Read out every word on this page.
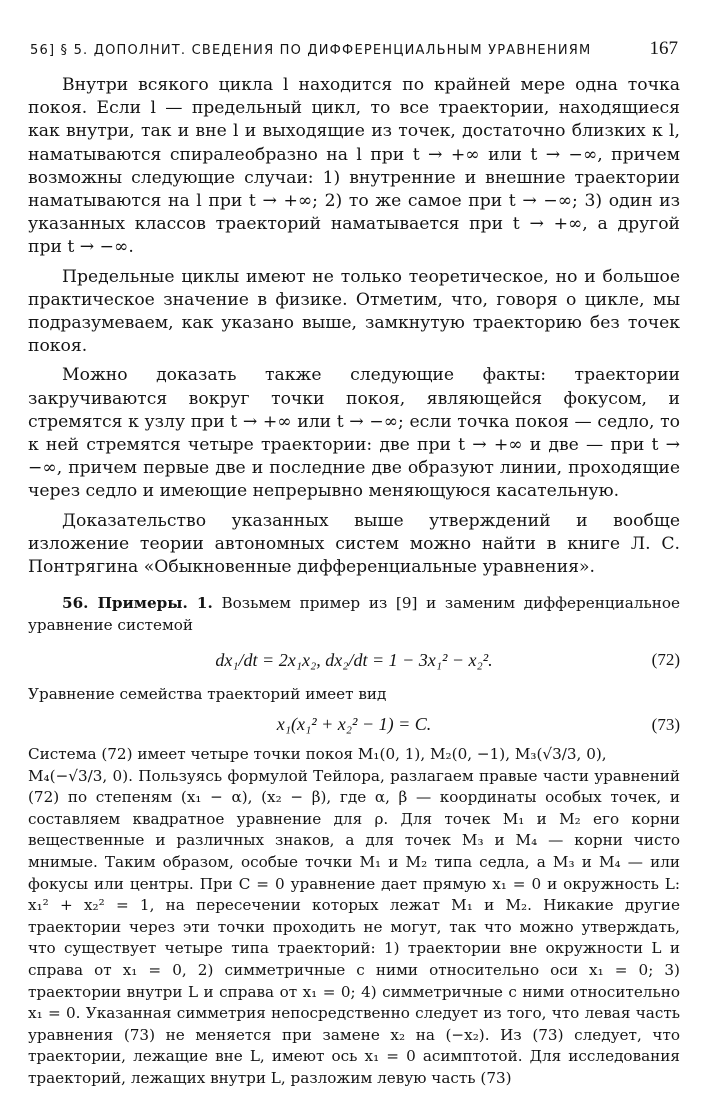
56] § 5. ДОПОЛНИТ. СВЕДЕНИЯ ПО ДИФФЕРЕНЦИАЛЬНЫМ УРАВНЕНИЯМ	167

Внутри всякого цикла l находится по крайней мере одна точка покоя. Если l — предельный цикл, то все траектории, находящиеся как внутри, так и вне l и выходящие из точек, достаточно близких к l, наматываются спиралеобразно на l при t → +∞ или t → −∞, причем возможны следующие случаи: 1) внутренние и внешние траектории наматываются на l при t → +∞; 2) то же самое при t → −∞; 3) один из указанных классов траекторий наматывается при t → +∞, а другой при t → −∞.

Предельные циклы имеют не только теоретическое, но и большое практическое значение в физике. Отметим, что, говоря о цикле, мы подразумеваем, как указано выше, замкнутую траекторию без точек покоя.

Можно доказать также следующие факты: траектории закручиваются вокруг точки покоя, являющейся фокусом, и стремятся к узлу при t → +∞ или t → −∞; если точка покоя — седло, то к ней стремятся четыре траектории: две при t → +∞ и две — при t → −∞, причем первые две и последние две образуют линии, проходящие через седло и имеющие непрерывно меняющуюся касательную.

Доказательство указанных выше утверждений и вообще изложение теории автономных систем можно найти в книге Л. С. Понтрягина «Обыкновенные дифференциальные уравнения».

56. Примеры. 1. Возьмем пример из [9] и заменим дифференциальное уравнение системой

dx₁/dt = 2x₁x₂, dx₂/dt = 1 − 3x₁² − x₂².	(72)

Уравнение семейства траекторий имеет вид

x₁(x₁² + x₂² − 1) = C.	(73)

Система (72) имеет четыре точки покоя M₁(0, 1), M₂(0, −1), M₃(√3/3, 0),

M₄(−√3/3, 0). Пользуясь формулой Тейлора, разлагаем правые части уравнений (72) по степеням (x₁ − α), (x₂ − β), где α, β — координаты особых точек, и составляем квадратное уравнение для ρ. Для точек M₁ и M₂ его корни вещественные и различных знаков, а для точек M₃ и M₄ — корни чисто мнимые. Таким образом, особые точки M₁ и M₂ типа седла, а M₃ и M₄ — или фокусы или центры. При C = 0 уравнение дает прямую x₁ = 0 и окружность L: x₁² + x₂² = 1, на пересечении которых лежат M₁ и M₂. Никакие другие траектории через эти точки проходить не могут, так что можно утверждать, что существует четыре типа траекторий: 1) траектории вне окружности L и справа от x₁ = 0, 2) симметричные с ними относительно оси x₁ = 0; 3) траектории внутри L и справа от x₁ = 0; 4) симметричные с ними относительно x₁ = 0. Указанная симметрия непосредственно следует из того, что левая часть уравнения (73) не меняется при замене x₂ на (−x₂). Из (73) следует, что траектории, лежащие вне L, имеют ось x₁ = 0 асимптотой. Для исследования траекторий, лежащих внутри L, разложим левую часть (73)
